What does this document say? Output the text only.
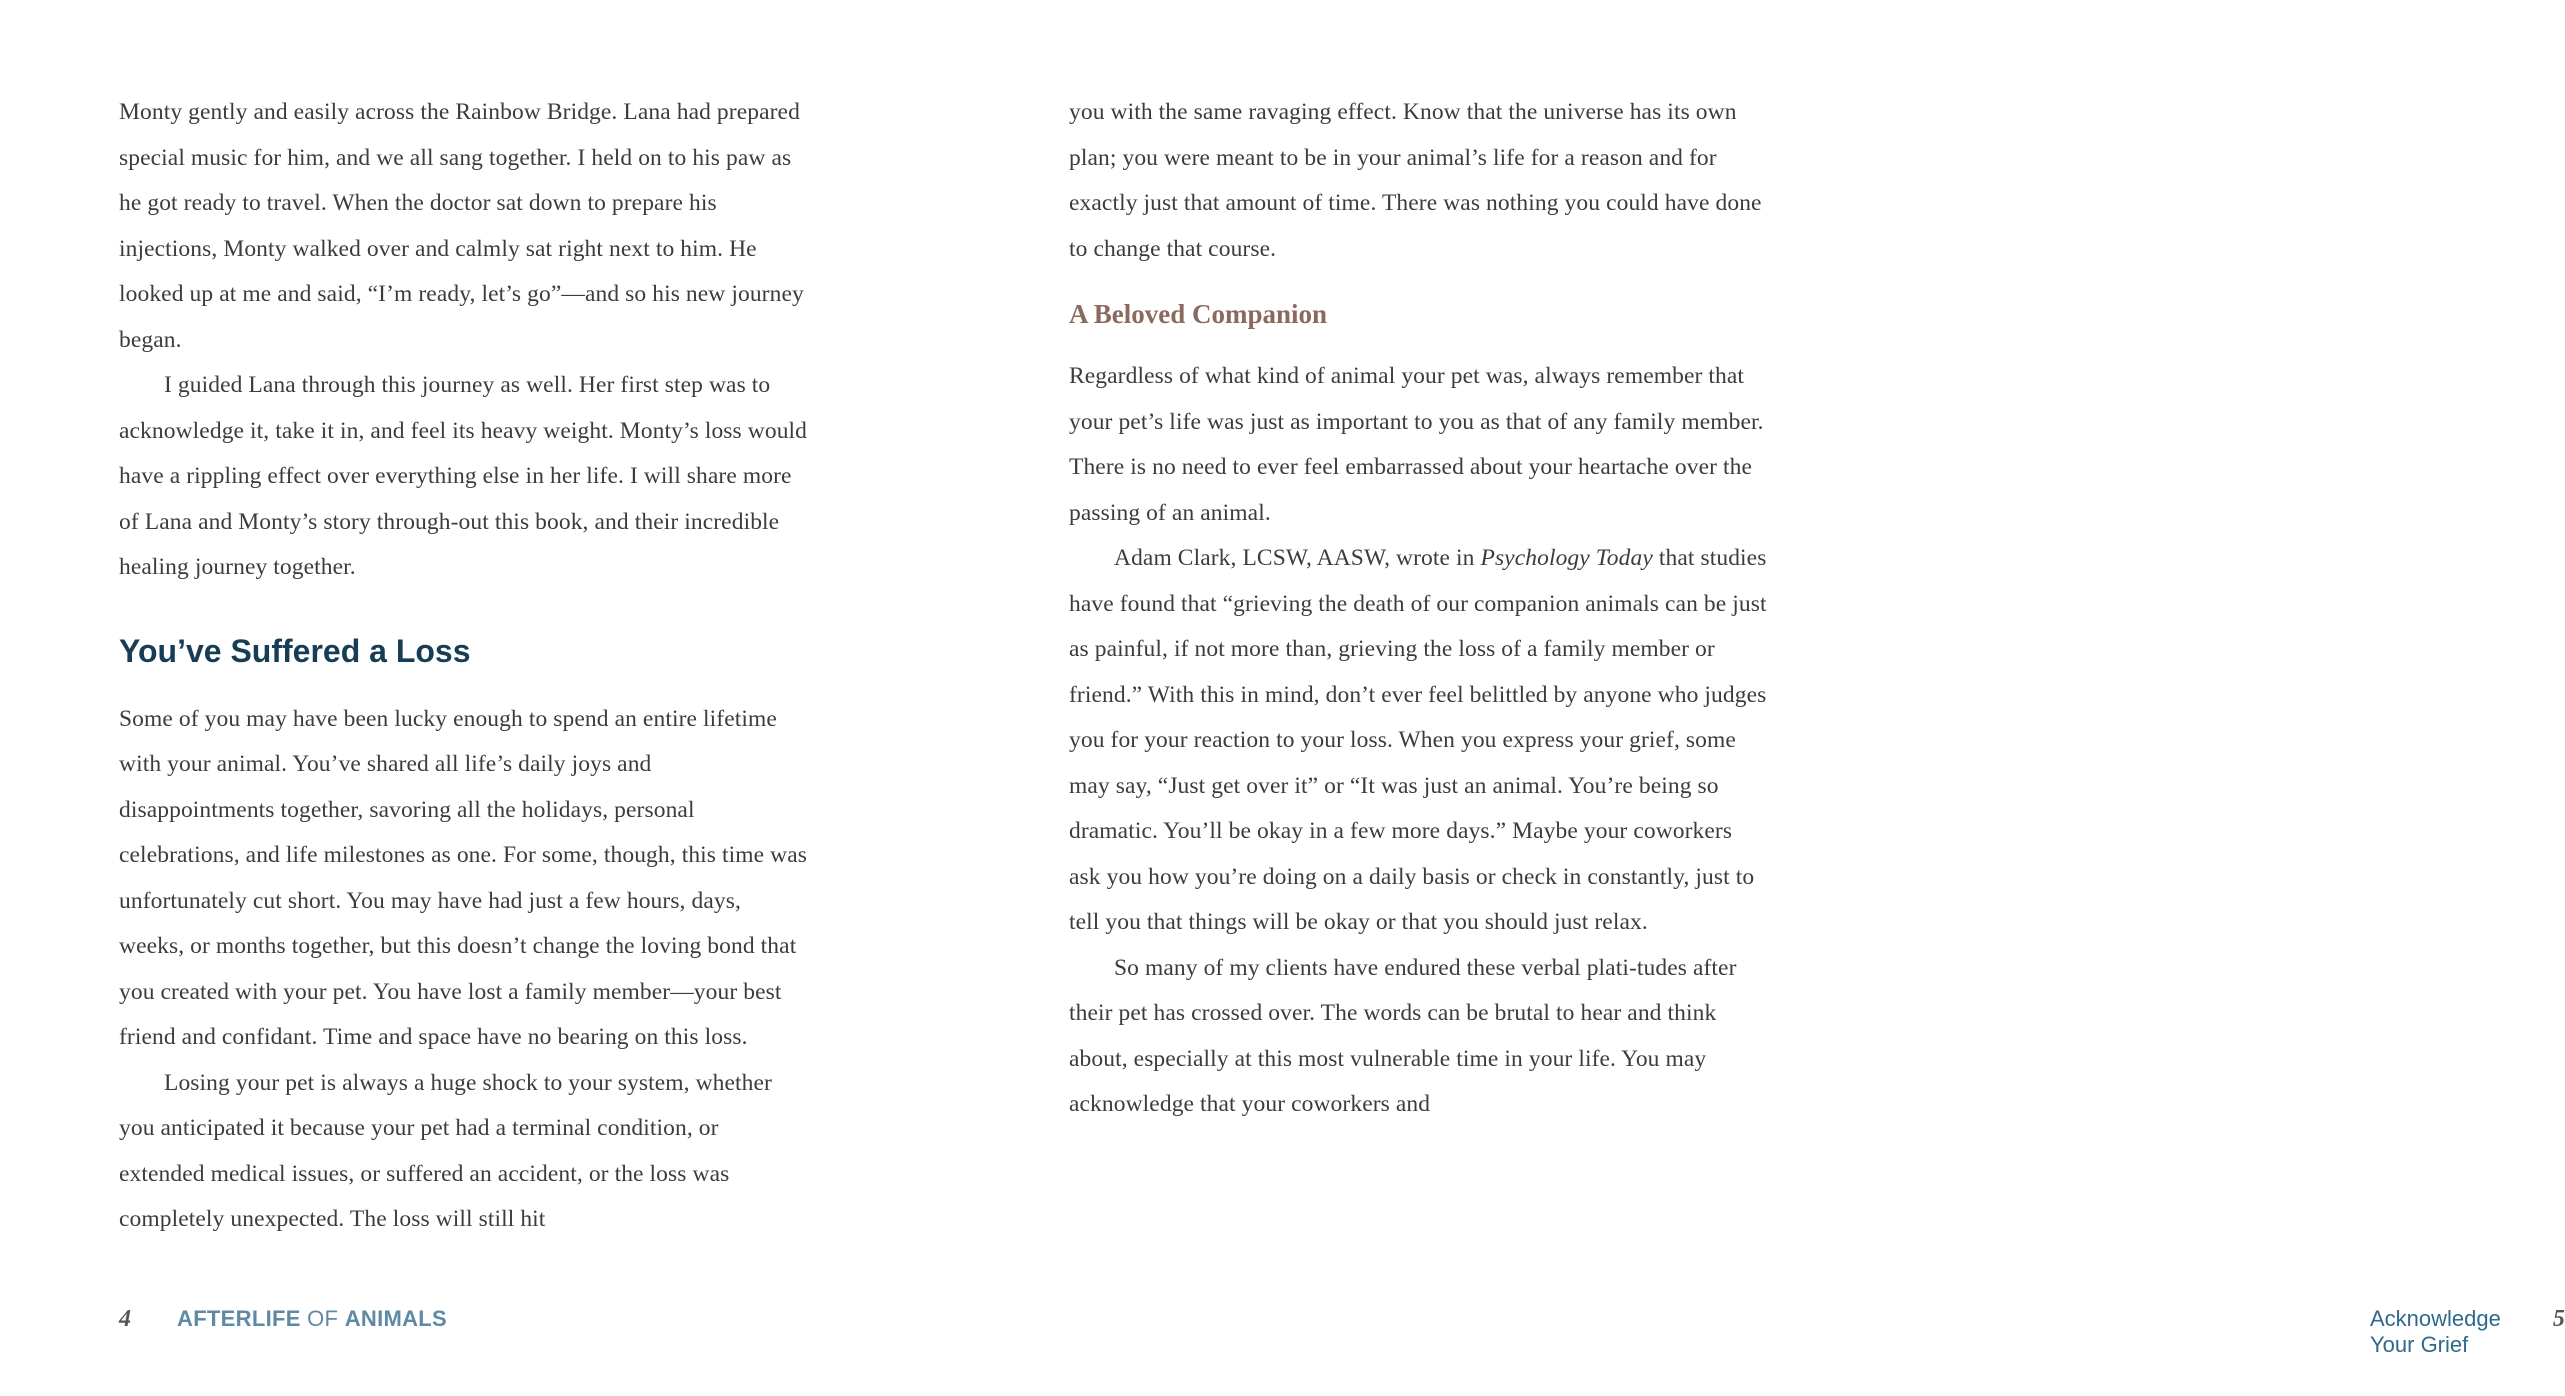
Monty gently and easily across the Rainbow Bridge. Lana had prepared special music for him, and we all sang together. I held on to his paw as he got ready to travel. When the doctor sat down to prepare his injections, Monty walked over and calmly sat right next to him. He looked up at me and said, “I’m ready, let’s go”—and so his new journey began.

I guided Lana through this journey as well. Her first step was to acknowledge it, take it in, and feel its heavy weight. Monty’s loss would have a rippling effect over everything else in her life. I will share more of Lana and Monty’s story through-out this book, and their incredible healing journey together.

You’ve Suffered a Loss

Some of you may have been lucky enough to spend an entire lifetime with your animal. You’ve shared all life’s daily joys and disappointments together, savoring all the holidays, personal celebrations, and life milestones as one. For some, though, this time was unfortunately cut short. You may have had just a few hours, days, weeks, or months together, but this doesn’t change the loving bond that you created with your pet. You have lost a family member—your best friend and confidant. Time and space have no bearing on this loss.

Losing your pet is always a huge shock to your system, whether you anticipated it because your pet had a terminal condition, or extended medical issues, or suffered an accident, or the loss was completely unexpected. The loss will still hit

4 AFTERLIFE OF ANIMALS

you with the same ravaging effect. Know that the universe has its own plan; you were meant to be in your animal’s life for a reason and for exactly just that amount of time. There was nothing you could have done to change that course.

A Beloved Companion

Regardless of what kind of animal your pet was, always remember that your pet’s life was just as important to you as that of any family member. There is no need to ever feel embarrassed about your heartache over the passing of an animal.

Adam Clark, LCSW, AASW, wrote in Psychology Today that studies have found that “grieving the death of our companion animals can be just as painful, if not more than, grieving the loss of a family member or friend.” With this in mind, don’t ever feel belittled by anyone who judges you for your reaction to your loss. When you express your grief, some may say, “Just get over it” or “It was just an animal. You’re being so dramatic. You’ll be okay in a few more days.” Maybe your coworkers ask you how you’re doing on a daily basis or check in constantly, just to tell you that things will be okay or that you should just relax.

So many of my clients have endured these verbal plati-tudes after their pet has crossed over. The words can be brutal to hear and think about, especially at this most vulnerable time in your life. You may acknowledge that your coworkers and

Acknowledge Your Grief
5
